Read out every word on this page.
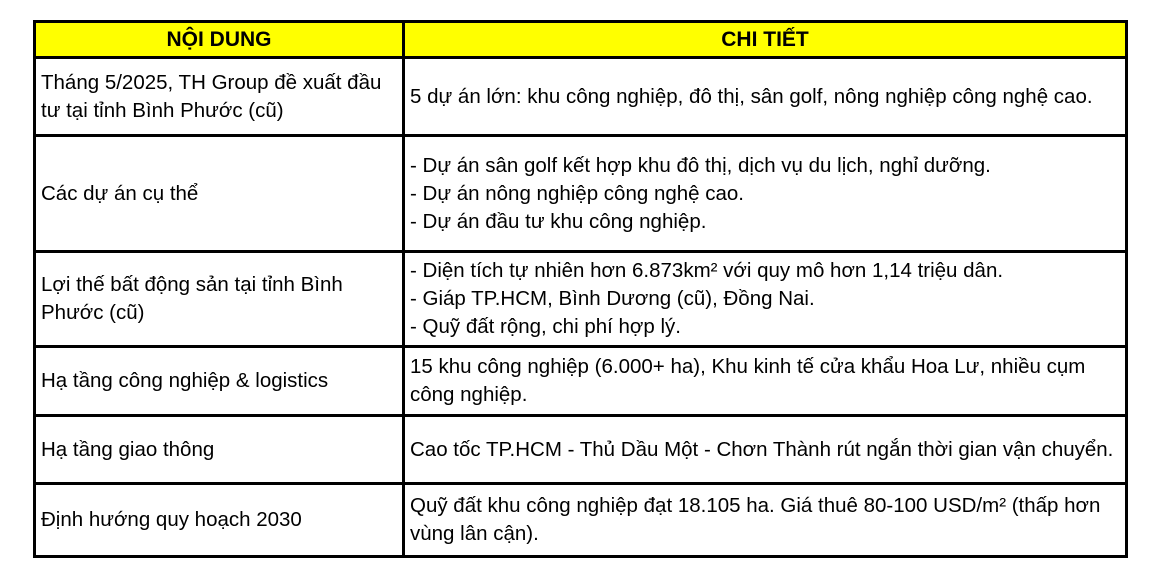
NỘI DUNG	CHI TIẾT
Tháng 5/2025, TH Group đề xuất đầu tư tại tỉnh Bình Phước (cũ)	5 dự án lớn: khu công nghiệp, đô thị, sân golf, nông nghiệp công nghệ cao.

Các dự án cụ thể	- Dự án sân golf kết hợp khu đô thị, dịch vụ du lịch, nghỉ dưỡng.
- Dự án nông nghiệp công nghệ cao.
- Dự án đầu tư khu công nghiệp.

Lợi thế bất động sản tại tỉnh Bình Phước (cũ)	- Diện tích tự nhiên hơn 6.873km² với quy mô hơn 1,14 triệu dân.
- Giáp TP.HCM, Bình Dương (cũ), Đồng Nai.
- Quỹ đất rộng, chi phí hợp lý.

Hạ tầng công nghiệp & logistics	15 khu công nghiệp (6.000+ ha), Khu kinh tế cửa khẩu Hoa Lư, nhiều cụm công nghiệp.

Hạ tầng giao thông	Cao tốc TP.HCM - Thủ Dầu Một - Chơn Thành rút ngắn thời gian vận chuyển.

Định hướng quy hoạch 2030	Quỹ đất khu công nghiệp đạt 18.105 ha. Giá thuê 80-100 USD/m² (thấp hơn vùng lân cận).
